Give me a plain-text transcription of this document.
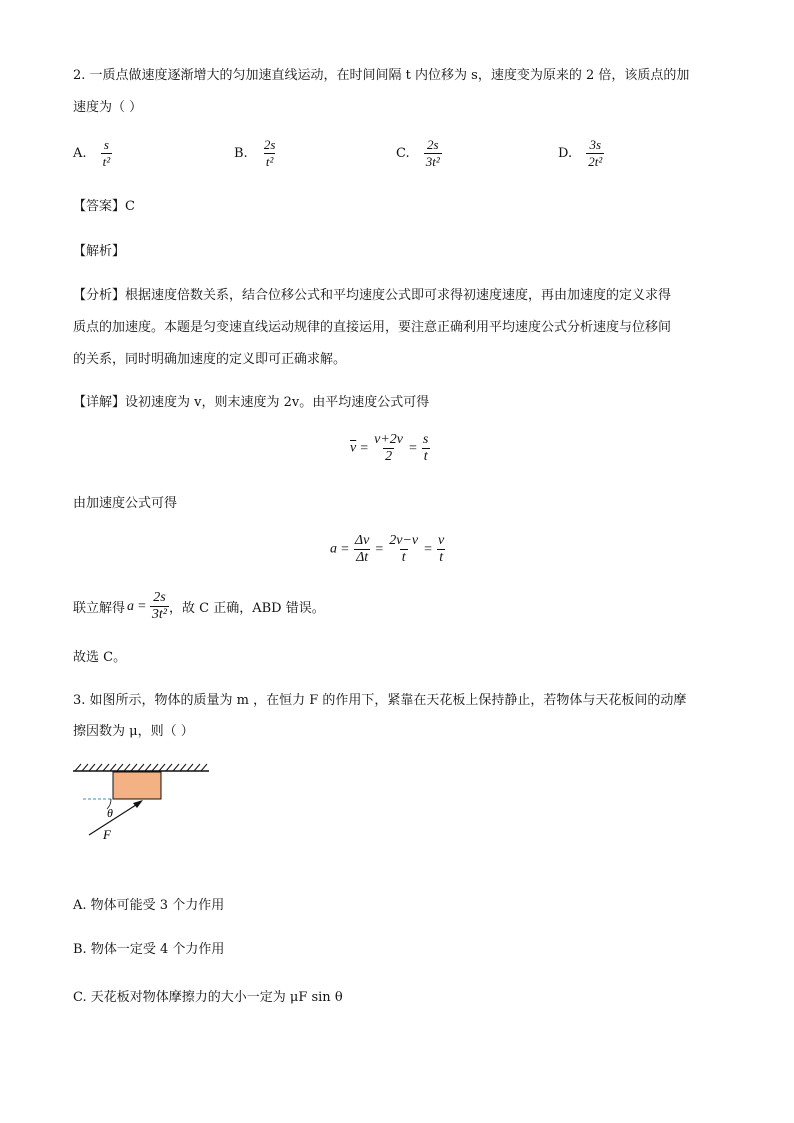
2. 一质点做速度逐渐增大的匀加速直线运动，在时间间隔 t 内位移为 s，速度变为原来的 2 倍，该质点的加
速度为（ ）
A. $\frac{s}{\text{t²}}$	B. $\frac{2s}{\text{t²}}$	C. $\frac{2s}{\text{3t²}}$	D. $\frac{3s}{\text{2t²}}$
【答案】C
【解析】
【分析】根据速度倍数关系，结合位移公式和平均速度公式即可求得初速度速度，再由加速度的定义求得
质点的加速度。本题是匀变速直线运动规律的直接运用，要注意正确利用平均速度公式分析速度与位移间
的关系，同时明确加速度的定义即可正确求解。
【详解】设初速度为 v，则末速度为 2v。由平均速度公式可得
$\overline{v} = \frac{v+2v}{2} = \frac{s}{t}$
由加速度公式可得
$a = \frac{\Delta v}{\Delta t} = \frac{2v-v}{t} = \frac{v}{t}$
联立解得 $a = \frac{2s}{\text{3t²}}$ ，故 C 正确，ABD 错误。
故选 C。
3. 如图所示，物体的质量为 m ，在恒力 F 的作用下，紧靠在天花板上保持静止，若物体与天花板间的动摩
擦因数为 μ，则（ ）
θ
F
A. 物体可能受 3 个力作用
B. 物体一定受 4 个力作用
C. 天花板对物体摩擦力的大小一定为 μF sin θ
